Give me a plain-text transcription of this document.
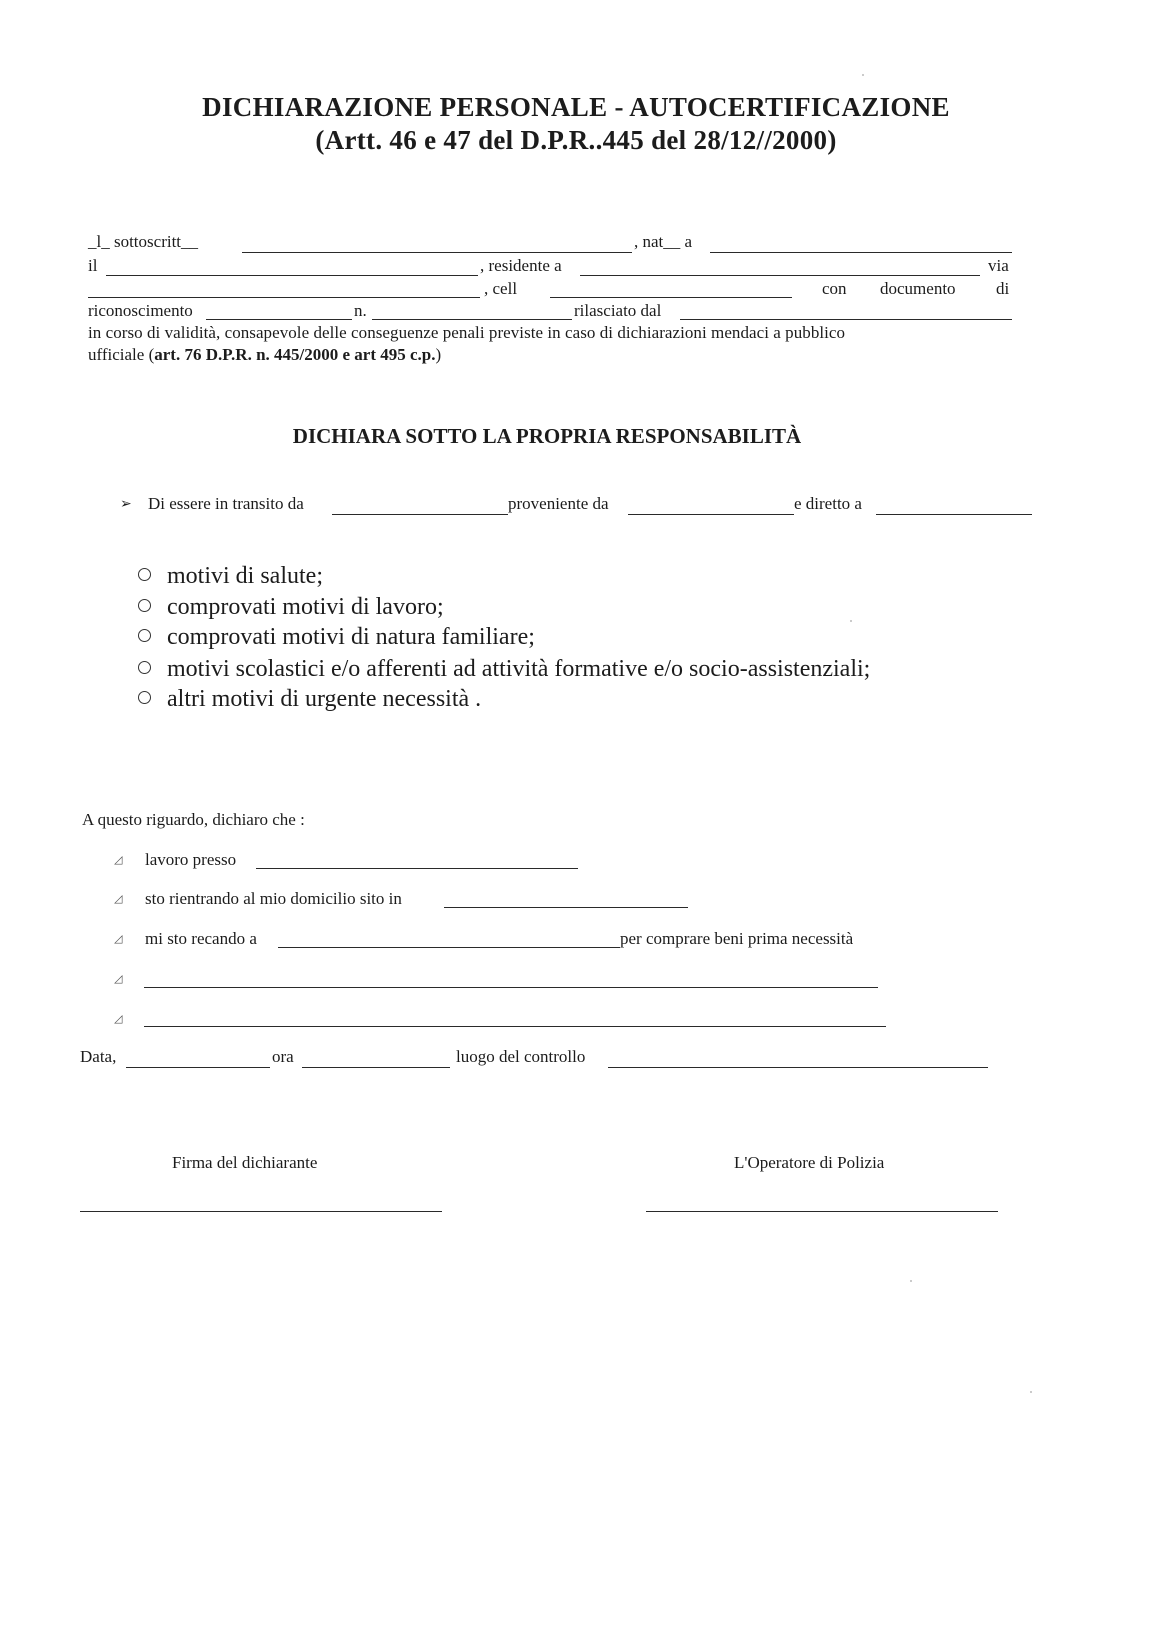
DICHIARAZIONE PERSONALE - AUTOCERTIFICAZIONE
(Artt. 46 e 47 del D.P.R..445 del 28/12//2000)
_l_ sottoscritt__	, nat__ a
il	, residente a	via
, cell	con documento di
riconoscimento	n.	rilasciato dal
in corso di validità, consapevole delle conseguenze penali previste in caso di dichiarazioni mendaci a pubblico
ufficiale (art. 76 D.P.R. n. 445/2000 e art 495 c.p.)
DICHIARA SOTTO LA PROPRIA RESPONSABILITÀ
➢ Di essere in transito da	proveniente da	e diretto a
motivi di salute;
comprovati motivi di lavoro;
comprovati motivi di natura familiare;
motivi scolastici e/o afferenti ad attività formative e/o socio-assistenziali;
altri motivi di urgente necessità .
A questo riguardo, dichiaro che :
◿ lavoro presso
◿ sto rientrando al mio domicilio sito in
◿ mi sto recando a	per comprare beni prima necessità
◿
◿
Data,	ora	luogo del controllo
Firma del dichiarante	L'Operatore di Polizia
